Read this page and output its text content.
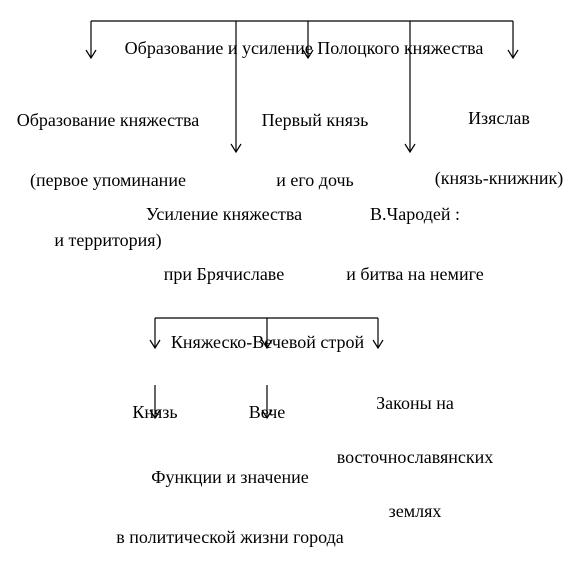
Образование и усиление Полоцкого княжества

Образование княжества

(первое упоминание

и территория)

Усиление княжества

при Брячиславе

Первый князь

и его дочь

В.Чародей :

и битва на немиге

Изяслав

(князь-книжник)

Княжеско-Вечевой строй

Князь

	Вече

	Законы на

восточнославянских

землях

Функции и значение

в политической жизни города
